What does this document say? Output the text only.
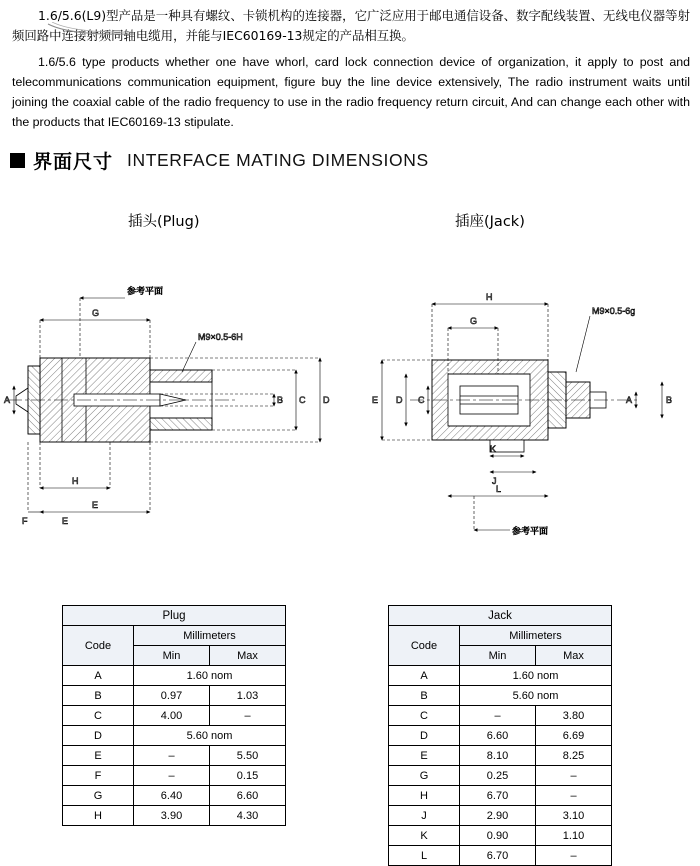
1.6/5.6(L9)型产品是一种具有螺纹、卡锁机构的连接器，它广泛应用于邮电通信设备、数字配线装置、无线电仪器等射频回路中连接射频同轴电缆用，并能与IEC60169-13规定的产品相互换。

1.6/5.6 type products whether one have whorl, card lock connection device of organization, it apply to post and telecommunications communication equipment, figure buy the line device extensively, The radio instrument waits until joining the coaxial cable of the radio frequency to use in the radio frequency return circuit, And can change each other with the products that IEC60169-13 stipulate.

界面尺寸 INTERFACE MATING DIMENSIONS
插头(Plug)	插座(Jack)
参考平面
G
M9×0.5-6H
A	B C D
H
E
F	E
H
M9×0.5-6g
G
E D C	A	B
K
J
L
参考平面
Plug		
Code	Millimeters	
	Min	Max
A	1.60 nom	
B	0.97	1.03
C	4.00	–
D	5.60 nom	
E	–	5.50
F	–	0.15
G	6.40	6.60
H	3.90	4.30
Jack		
Code	Millimeters	
	Min	Max
A	1.60 nom	
B	5.60 nom	
C	–	3.80
D	6.60	6.69
E	8.10	8.25
G	0.25	–
H	6.70	–
J	2.90	3.10
K	0.90	1.10
L	6.70	–
